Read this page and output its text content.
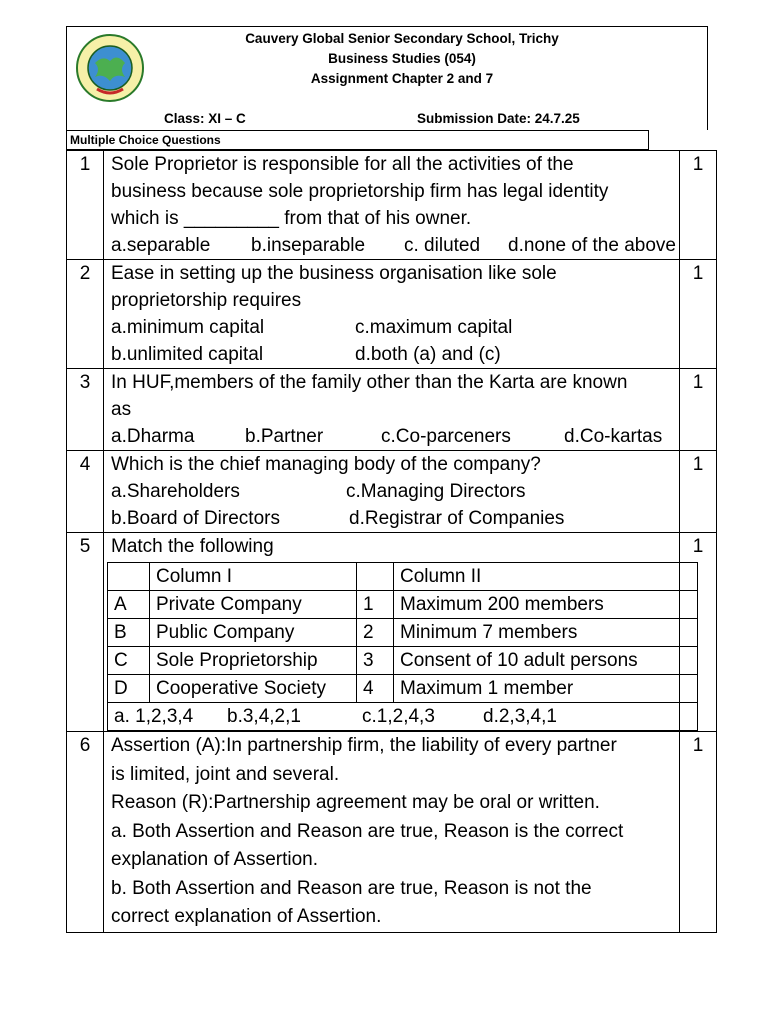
Cauvery Global Senior Secondary School, Trichy
Business Studies (054)
Assignment Chapter 2 and 7
Class: XI – C	Submission Date: 24.7.25
Multiple Choice Questions
1	Sole Proprietor is responsible for all the activities of the
business because sole proprietorship firm has legal identity
which is _________ from that of his owner.
a.separable	b.inseparable	c. diluted	d.none of the above
	1
2	Ease in setting up the business organisation like sole
proprietorship requires
a.minimum capital	c.maximum capital
b.unlimited capital	d.both (a) and (c)
	1
3	In HUF,members of the family other than the Karta are known
as
a.Dharma	b.Partner	c.Co-parceners	d.Co-kartas
	1
4	Which is the chief managing body of the company?
a.Shareholders	c.Managing Directors
b.Board of Directors	d.Registrar of Companies
	1
5	Match the following
	Column I		Column II
A	Private Company	1	Maximum 200 members
B	Public Company	2	Minimum 7 members
C	Sole Proprietorship	3	Consent of 10 adult persons
D	Cooperative Society	4	Maximum 1 member

a. 1,2,3,4	b.3,4,2,1	c.1,2,4,3	d.2,3,4,1
	1
6	Assertion (A):In partnership firm, the liability of every partner
is limited, joint and several.
Reason (R):Partnership agreement may be oral or written.
a. Both Assertion and Reason are true, Reason is the correct
explanation of Assertion.
b. Both Assertion and Reason are true, Reason is not the
correct explanation of Assertion.
	1
